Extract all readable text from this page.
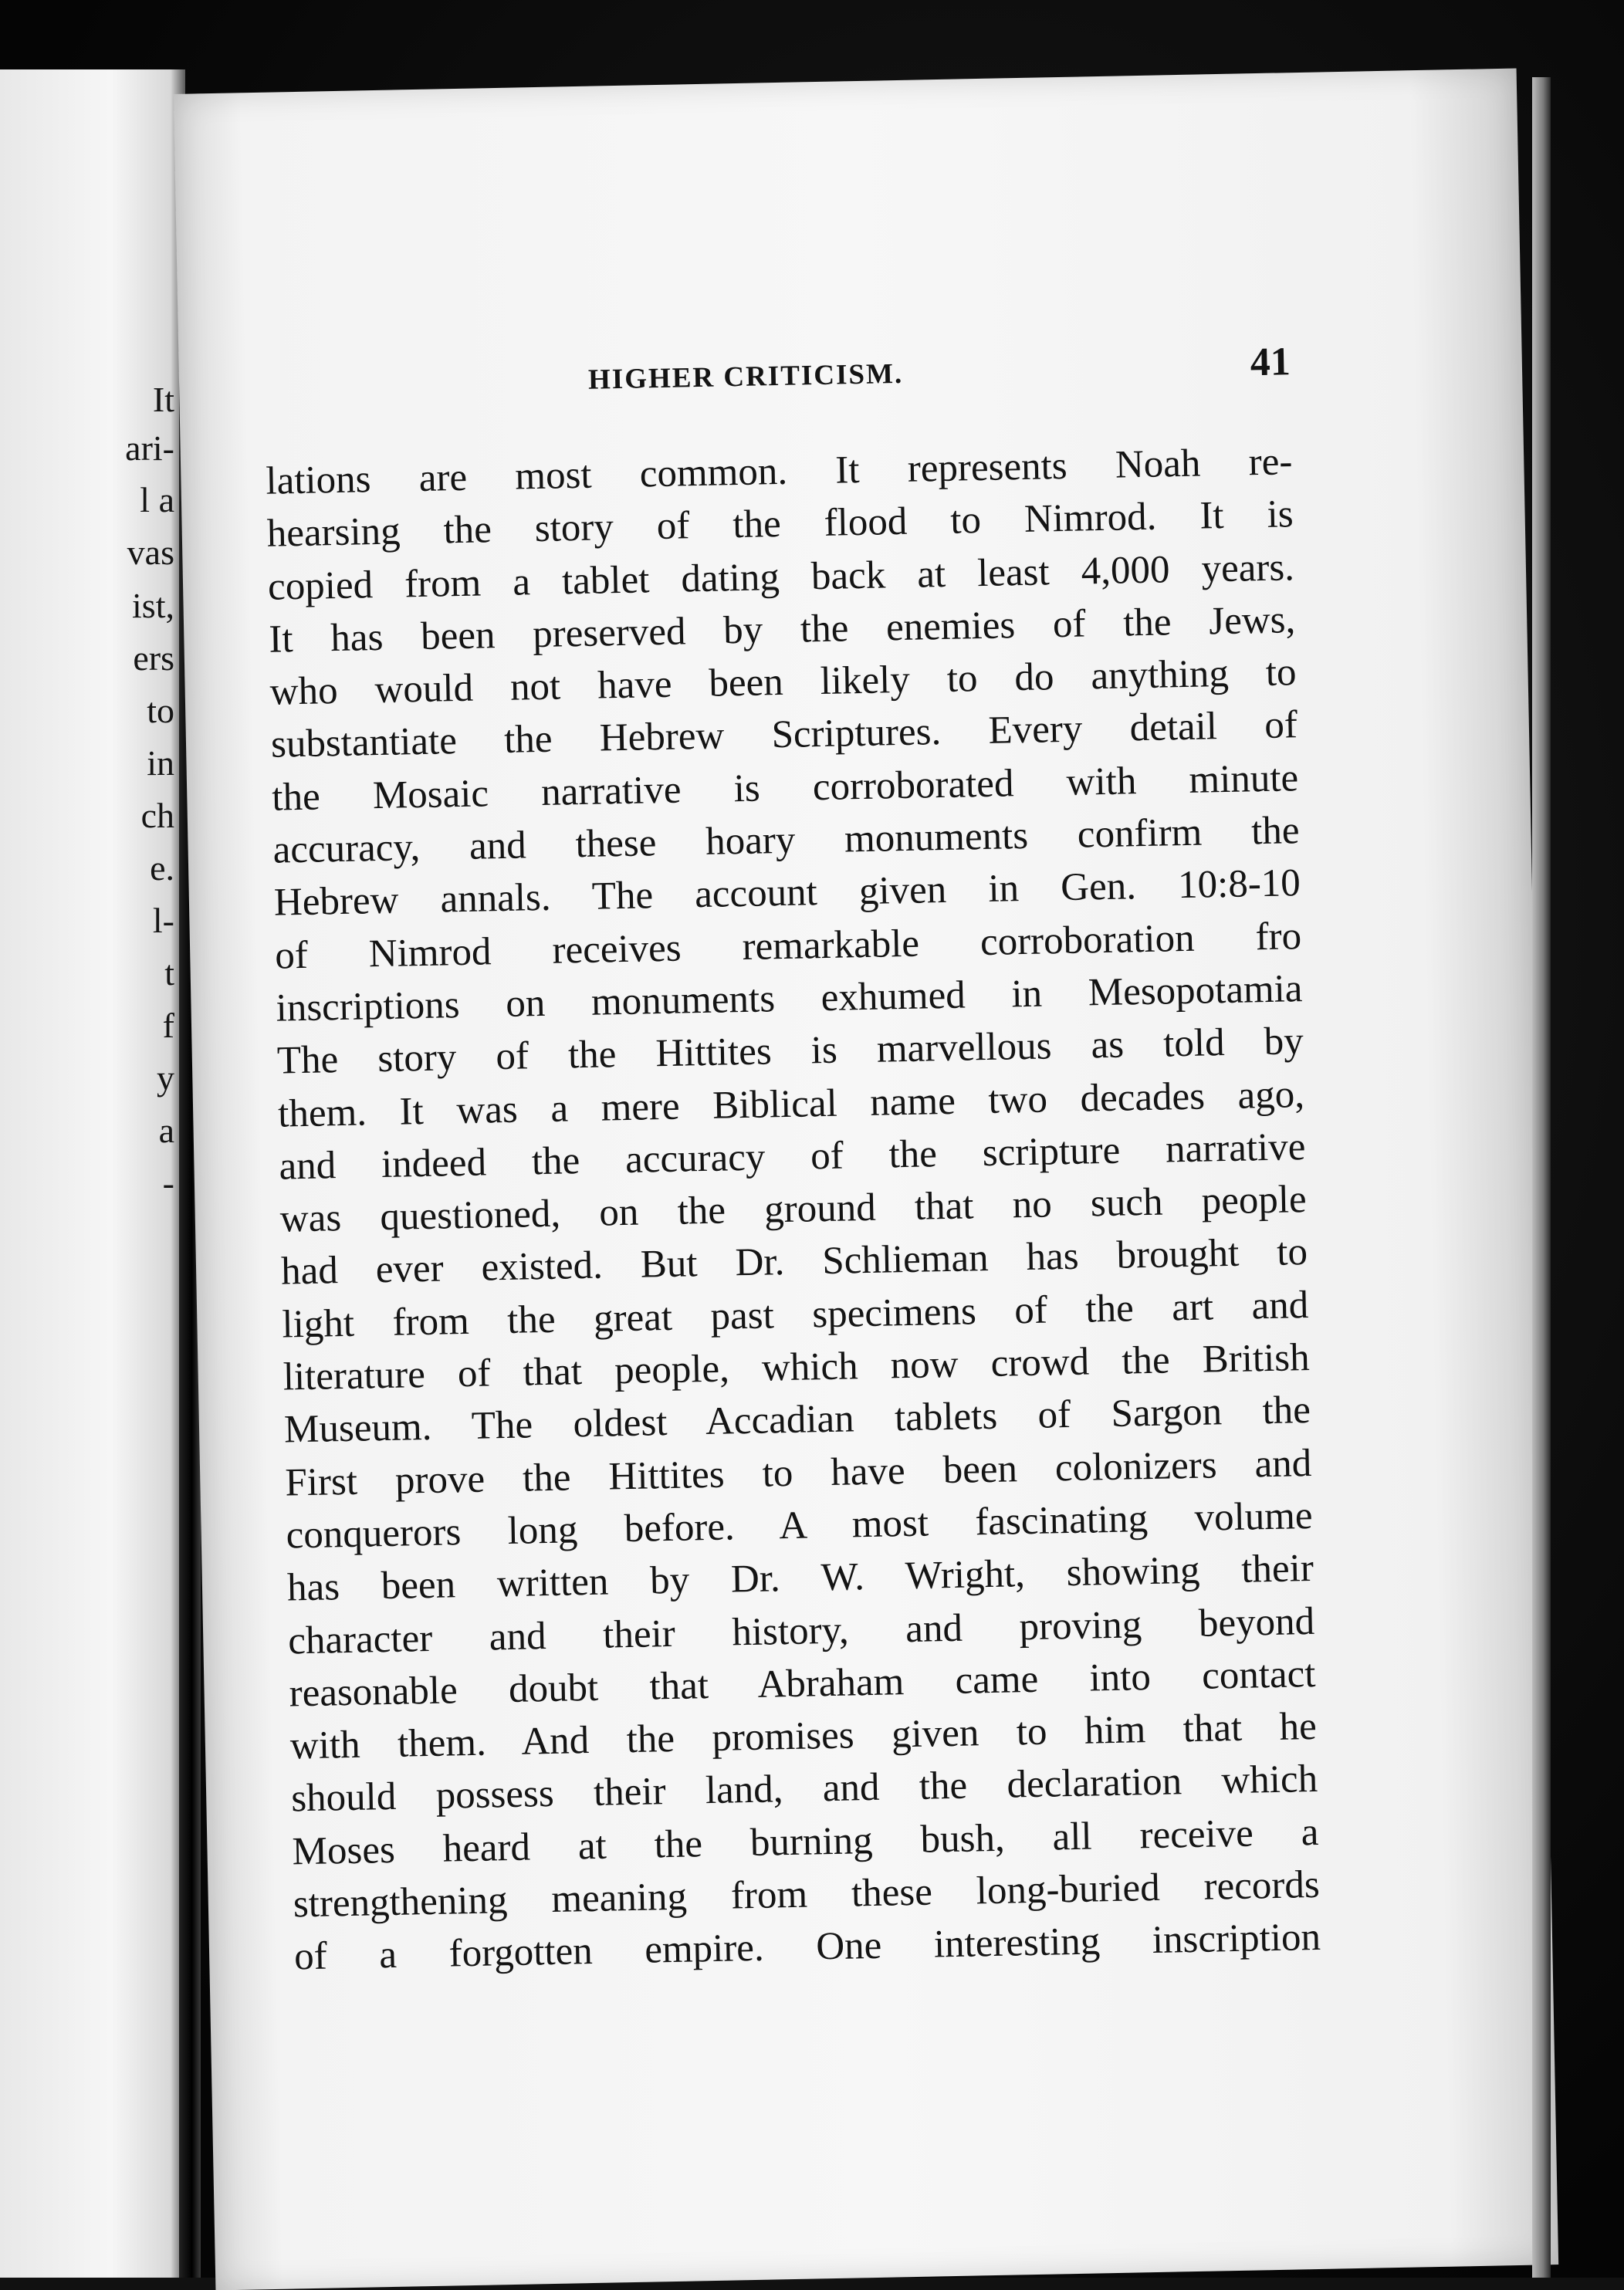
It
ari-
l a
vas
ist,
ers
to
in
ch
e.
l-
t
f
y
a
-
HIGHER CRITICISM.	41
lations are most common. It represents Noah re-
hearsing the story of the flood to Nimrod. It is
copied from a tablet dating back at least 4,000 years.
It has been preserved by the enemies of the Jews,
who would not have been likely to do anything to
substantiate the Hebrew Scriptures. Every detail of
the Mosaic narrative is corroborated with minute
accuracy, and these hoary monuments confirm the
Hebrew annals. The account given in Gen. 10:8-10
of Nimrod receives remarkable corroboration fro
inscriptions on monuments exhumed in Mesopotamia
The story of the Hittites is marvellous as told by
them. It was a mere Biblical name two decades ago,
and indeed the accuracy of the scripture narrative
was questioned, on the ground that no such people
had ever existed. But Dr. Schlieman has brought to
light from the great past specimens of the art and
literature of that people, which now crowd the British
Museum. The oldest Accadian tablets of Sargon the
First prove the Hittites to have been colonizers and
conquerors long before. A most fascinating volume
has been written by Dr. W. Wright, showing their
character and their history, and proving beyond
reasonable doubt that Abraham came into contact
with them. And the promises given to him that he
should possess their land, and the declaration which
Moses heard at the burning bush, all receive a
strengthening meaning from these long-buried records
of a forgotten empire. One interesting inscription
